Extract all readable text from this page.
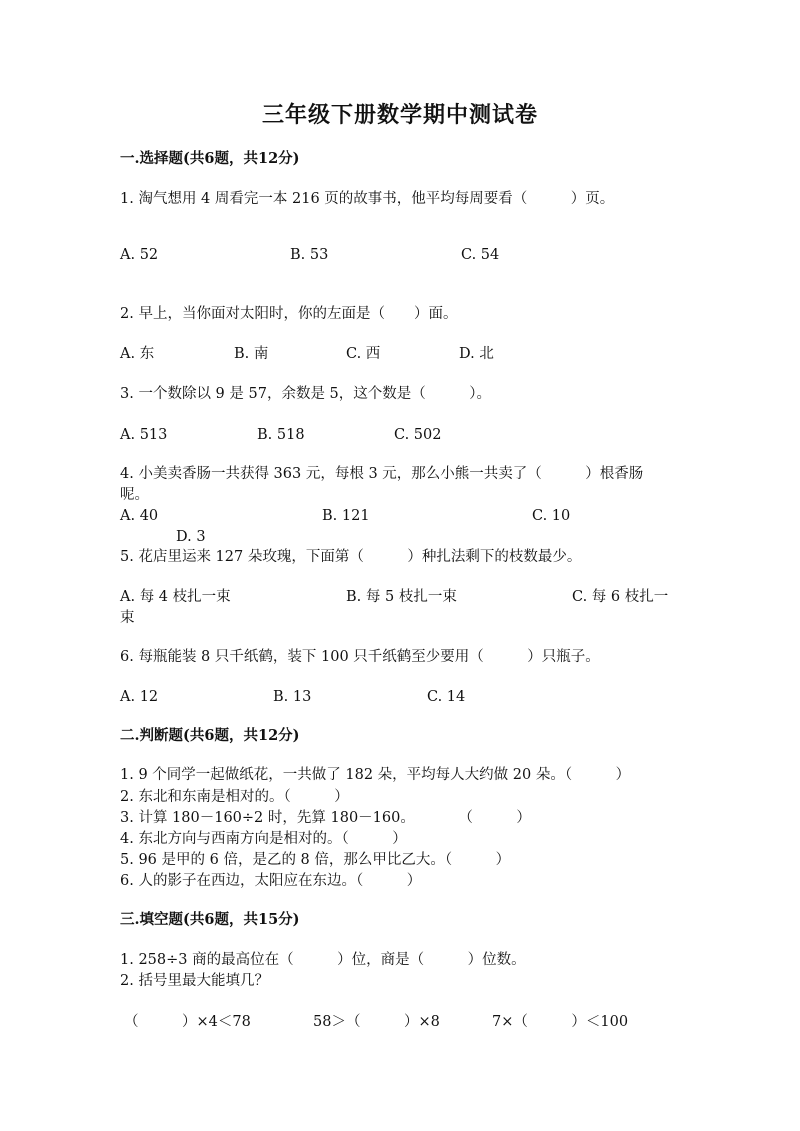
三年级下册数学期中测试卷
一.选择题(共6题，共12分)
1. 淘气想用 4 周看完一本 216 页的故事书，他平均每周要看（　　　）页。
A. 52	B. 53	C. 54
2. 早上，当你面对太阳时，你的左面是（　　）面。
A. 东	B. 南	C. 西	D. 北
3. 一个数除以 9 是 57，余数是 5，这个数是（　　　）。
A. 513	B. 518	C. 502
4. 小美卖香肠一共获得 363 元，每根 3 元，那么小熊一共卖了（　　　）根香肠
呢。
A. 40	B. 121	C. 10
D. 3
5. 花店里运来 127 朵玫瑰，下面第（　　　）种扎法剩下的枝数最少。
A. 每 4 枝扎一束	B. 每 5 枝扎一束	C. 每 6 枝扎一
束
6. 每瓶能装 8 只千纸鹤，装下 100 只千纸鹤至少要用（　　　）只瓶子。
A. 12	B. 13	C. 14
二.判断题(共6题，共12分)
1. 9 个同学一起做纸花，一共做了 182 朵，平均每人大约做 20 朵。（　　　）
2. 东北和东南是相对的。（　　　）
3. 计算 180－160÷2 时，先算 180－160。　　　　（　　　）
4. 东北方向与西南方向是相对的。（　　　）
5. 96 是甲的 6 倍，是乙的 8 倍，那么甲比乙大。（　　　）
6. 人的影子在西边，太阳应在东边。（　　　）
三.填空题(共6题，共15分)
1. 258÷3 商的最高位在（　　　）位，商是（　　　）位数。
2. 括号里最大能填几？
（　　　）×4＜78	58＞（　　　）×8	7×（　　　）＜100
